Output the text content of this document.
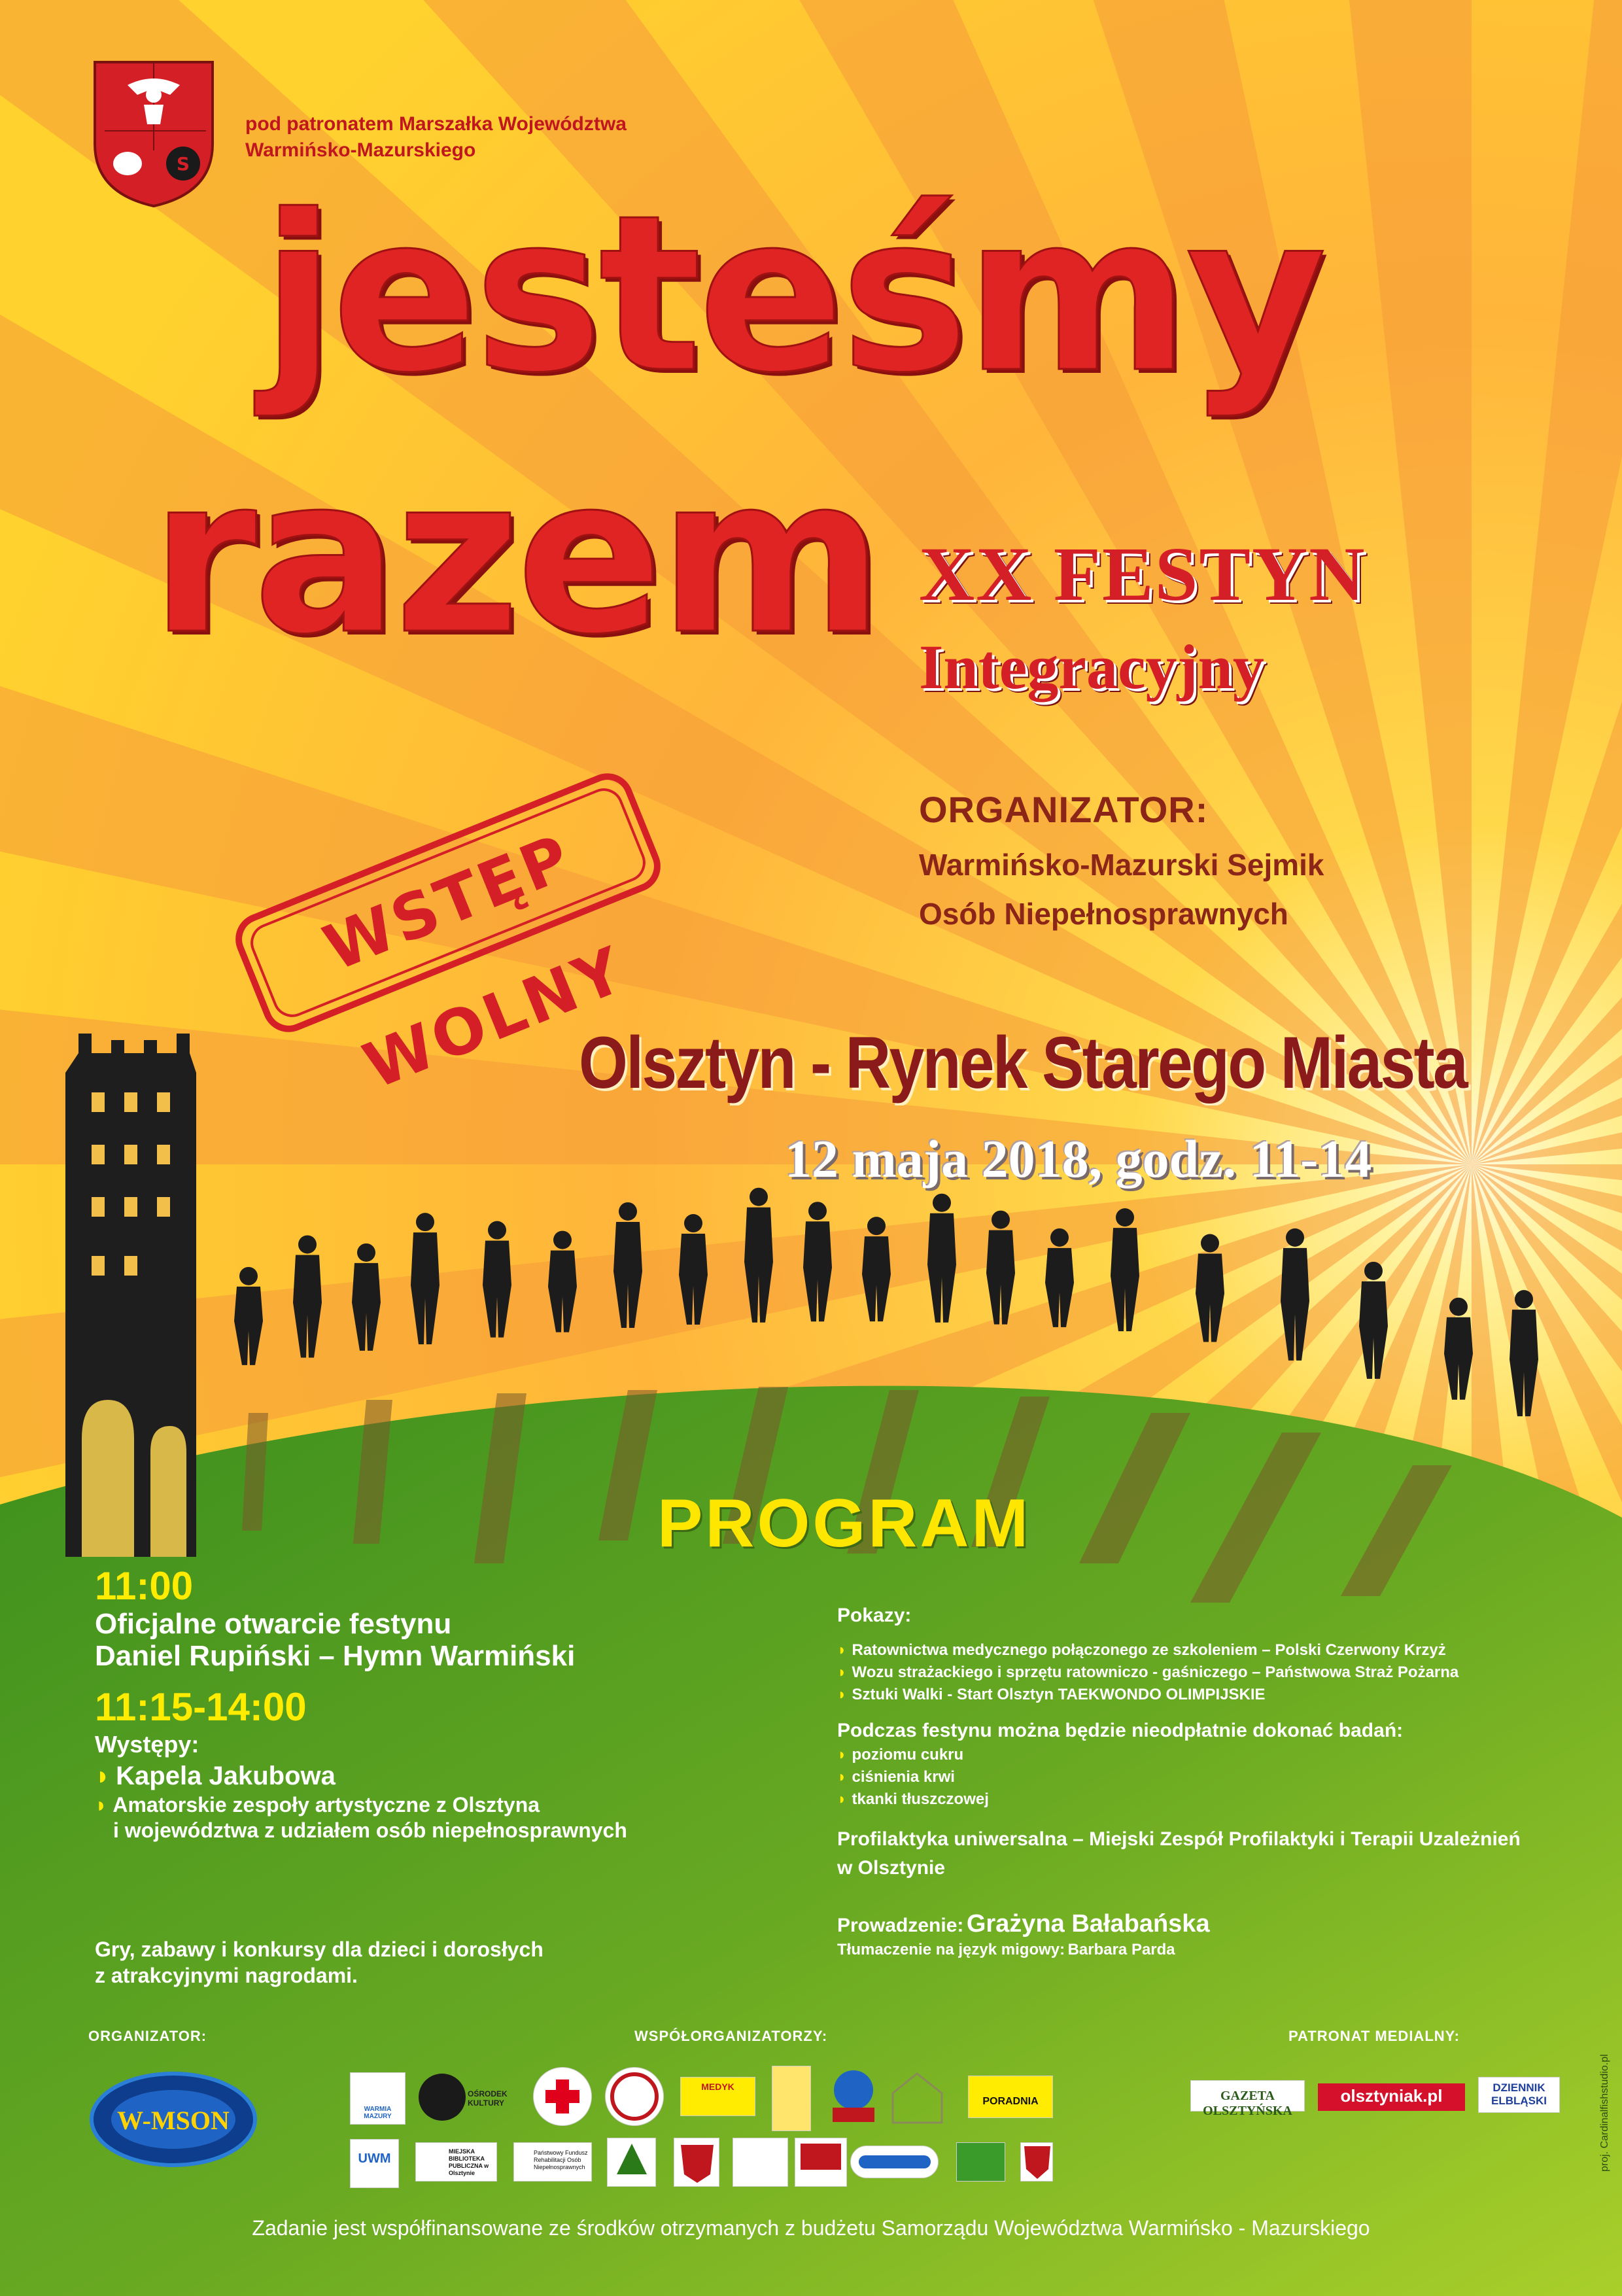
S
pod patronatem Marszałka Województwa
Warmińsko-Mazurskiego
jesteśmy
razem XX FESTYN
Integracyjny
ORGANIZATOR:
Warmińsko-Mazurski Sejmik
Osób Niepełnosprawnych
WSTĘP WOLNY
Olsztyn - Rynek Starego Miasta
12 maja 2018, godz. 11-14
PROGRAM
11:00
Oficjalne otwarcie festynu
Daniel Rupiński – Hymn Warmiński
11:15-14:00
Występy:
◗ Kapela Jakubowa
◗ Amatorskie zespoły artystyczne z Olsztyna
i województwa z udziałem osób niepełnosprawnych
Gry, zabawy i konkursy dla dzieci i dorosłych
z atrakcyjnymi nagrodami.
Pokazy:
◗ Ratownictwa medycznego połączonego ze szkoleniem – Polski Czerwony Krzyż
◗ Wozu strażackiego i sprzętu ratowniczo - gaśniczego – Państwowa Straż Pożarna
◗ Sztuki Walki - Start Olsztyn TAEKWONDO OLIMPIJSKIE
Podczas festynu można będzie nieodpłatnie dokonać badań:
◗ poziomu cukru
◗ ciśnienia krwi
◗ tkanki tłuszczowej
Profilaktyka uniwersalna – Miejski Zespół Profilaktyki i Terapii Uzależnień
w Olsztynie
Prowadzenie: Grażyna Bałabańska
Tłumaczenie na język migowy: Barbara Parda
ORGANIZATOR:	WSPÓŁORGANIZATORZY:	PATRONAT MEDIALNY:
W-MSON	WARMIA MAZURY
OŚRODEK KULTURY
MEDYK
PORADNIA
UWM	MIEJSKA BIBLIOTEKA PUBLICZNA w Olsztynie
Państwowy Fundusz Rehabilitacji Osób Niepełnosprawnych
GAZETA OLSZTYŃSKA
olsztyniak.pl	DZIENNIK ELBLĄSKI
Zadanie jest współfinansowane ze środków otrzymanych z budżetu Samorządu Województwa Warmińsko - Mazurskiego
proj. Cardinalfishstudio.pl
